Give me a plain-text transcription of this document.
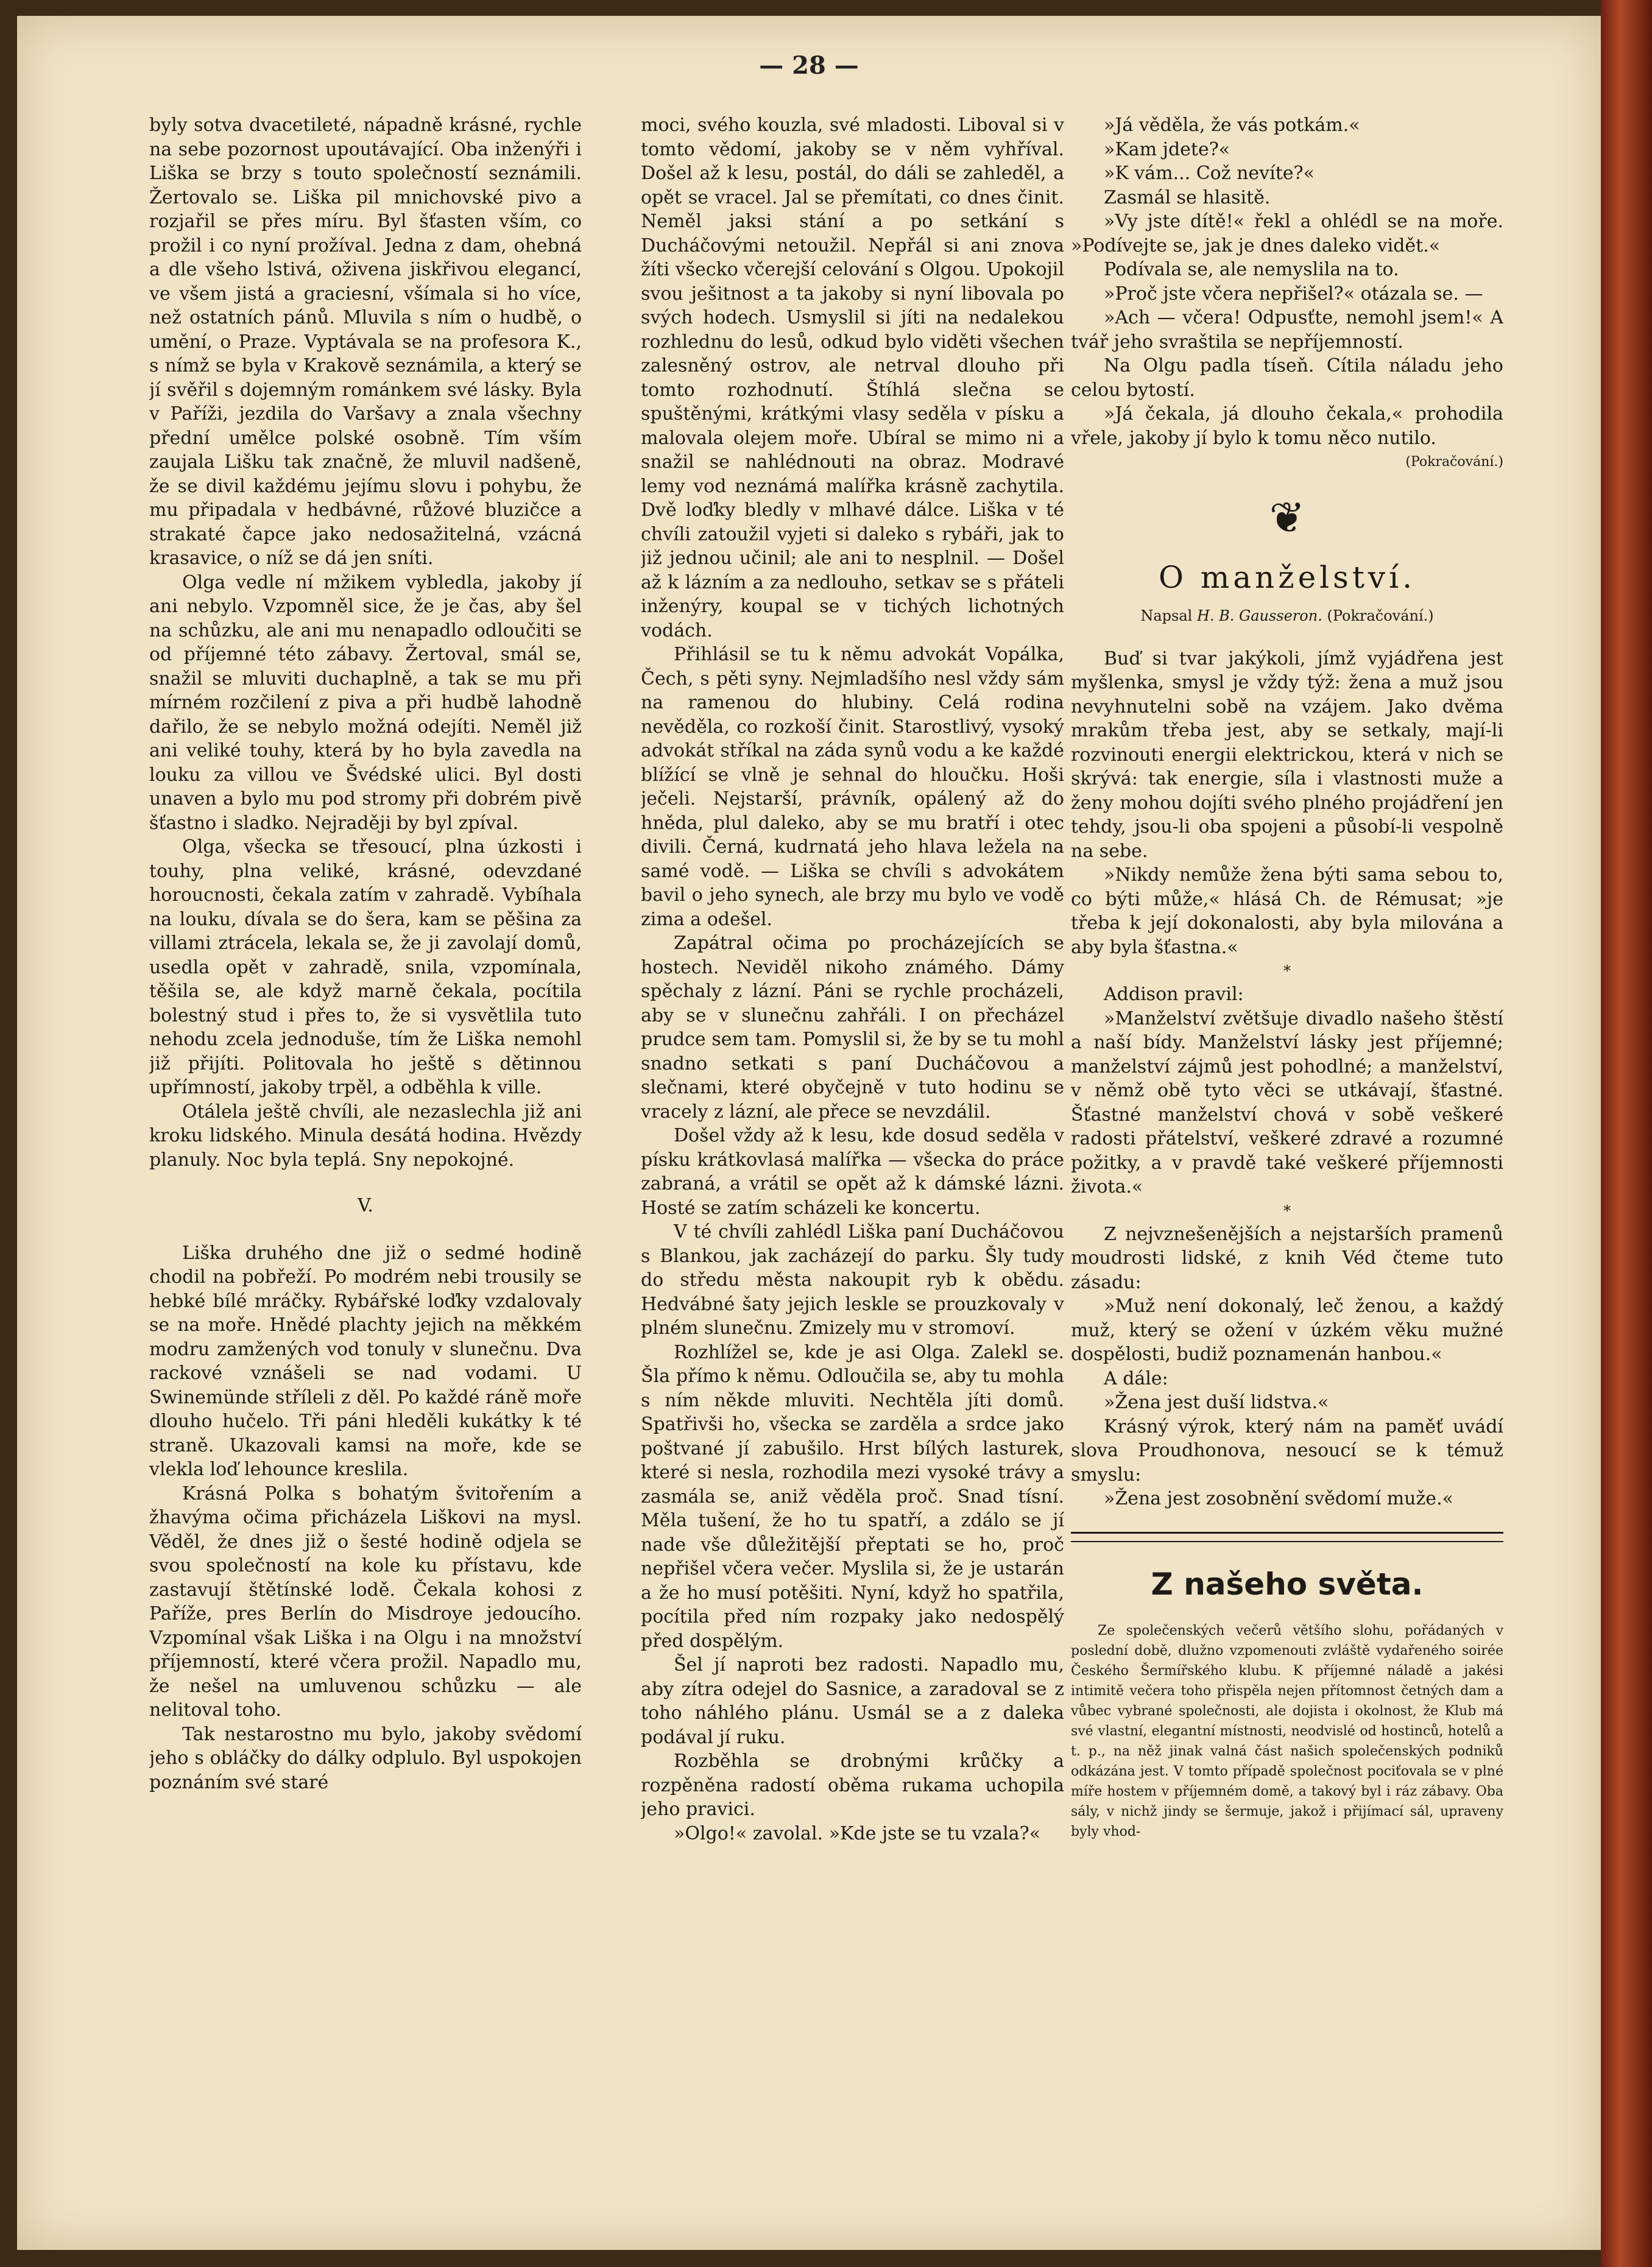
— 28 —

byly sotva dvacetileté, nápadně krásné, rychle na sebe pozornost upoutávající. Oba inženýři i Liška se brzy s touto společností seznámili. Žertovalo se. Liška pil mnichovské pivo a rozjařil se přes míru. Byl šťasten vším, co prožil i co nyní prožíval. Jedna z dam, ohebná a dle všeho lstivá, oživena jiskřivou elegancí, ve všem jistá a graciesní, všímala si ho více, než ostatních pánů. Mluvila s ním o hudbě, o umění, o Praze. Vyptávala se na profesora K., s nímž se byla v Krakově seznámila, a který se jí svěřil s dojemným románkem své lásky. Byla v Paříži, jezdila do Varšavy a znala všechny přední umělce polské osobně. Tím vším zaujala Lišku tak značně, že mluvil nadšeně, že se divil každému jejímu slovu i pohybu, že mu připadala v hedbávné, růžové bluzičce a strakaté čapce jako nedosažitelná, vzácná krasavice, o níž se dá jen sníti.

Olga vedle ní mžikem vybledla, jakoby jí ani nebylo. Vzpomněl sice, že je čas, aby šel na schůzku, ale ani mu nenapadlo odloučiti se od příjemné této zábavy. Žertoval, smál se, snažil se mluviti duchaplně, a tak se mu při mírném rozčilení z piva a při hudbě lahodně dařilo, že se nebylo možná odejíti. Neměl již ani veliké touhy, která by ho byla zavedla na louku za villou ve Švédské ulici. Byl dosti unaven a bylo mu pod stromy při dobrém pivě šťastno i sladko. Nejraději by byl zpíval.

Olga, všecka se třesoucí, plna úzkosti i touhy, plna veliké, krásné, odevzdané horoucnosti, čekala zatím v zahradě. Vybíhala na louku, dívala se do šera, kam se pěšina za villami ztrácela, lekala se, že ji zavolají domů, usedla opět v zahradě, snila, vzpomínala, těšila se, ale když marně čekala, pocítila bolestný stud i přes to, že si vysvětlila tuto nehodu zcela jednoduše, tím že Liška nemohl již přijíti. Politovala ho ještě s dětinnou upřímností, jakoby trpěl, a odběhla k ville.

Otálela ještě chvíli, ale nezaslechla již ani kroku lidského. Minula desátá hodina. Hvězdy planuly. Noc byla teplá. Sny nepokojné.

V.

Liška druhého dne již o sedmé hodině chodil na pobřeží. Po modrém nebi trousily se hebké bílé mráčky. Rybářské loďky vzdalovaly se na moře. Hnědé plachty jejich na měkkém modru zamžených vod tonuly v slunečnu. Dva rackové vznášeli se nad vodami. U Swinemünde stříleli z děl. Po každé ráně moře dlouho hučelo. Tři páni hleděli kukátky k té straně. Ukazovali kamsi na moře, kde se vlekla loď lehounce kreslila.

Krásná Polka s bohatým švitořením a žhavýma očima přicházela Liškovi na mysl. Věděl, že dnes již o šesté hodině odjela se svou společností na kole ku přístavu, kde zastavují štětínské lodě. Čekala kohosi z Paříže, pres Berlín do Misdroye jedoucího. Vzpomínal však Liška i na Olgu i na množství příjemností, které včera prožil. Napadlo mu, že nešel na umluvenou schůzku — ale nelitoval toho.

Tak nestarostno mu bylo, jakoby svědomí jeho s obláčky do dálky odplulo. Byl uspokojen poznáním své staré

moci, svého kouzla, své mladosti. Liboval si v tomto vědomí, jakoby se v něm vyhříval. Došel až k lesu, postál, do dáli se zahleděl, a opět se vracel. Jal se přemítati, co dnes činit. Neměl jaksi stání a po setkání s Ducháčovými netoužil. Nepřál si ani znova žíti všecko včerejší celování s Olgou. Upokojil svou ješitnost a ta jakoby si nyní libovala po svých hodech. Usmyslil si jíti na nedalekou rozhlednu do lesů, odkud bylo viděti všechen zalesněný ostrov, ale netrval dlouho při tomto rozhodnutí. Štíhlá slečna se spuštěnými, krátkými vlasy seděla v písku a malovala olejem moře. Ubíral se mimo ni a snažil se nahlédnouti na obraz. Modravé lemy vod neznámá malířka krásně zachytila. Dvě loďky bledly v mlhavé dálce. Liška v té chvíli zatoužil vyjeti si daleko s rybáři, jak to již jednou učinil; ale ani to nesplnil. — Došel až k lázním a za nedlouho, setkav se s přáteli inženýry, koupal se v tichých lichotných vodách.

Přihlásil se tu k němu advokát Vopálka, Čech, s pěti syny. Nejmladšího nesl vždy sám na ramenou do hlubiny. Celá rodina nevěděla, co rozkoší činit. Starostlivý, vysoký advokát stříkal na záda synů vodu a ke každé blížící se vlně je sehnal do hloučku. Hoši ječeli. Nejstarší, právník, opálený až do hněda, plul daleko, aby se mu bratří i otec divili. Černá, kudrnatá jeho hlava ležela na samé vodě. — Liška se chvíli s advokátem bavil o jeho synech, ale brzy mu bylo ve vodě zima a odešel.

Zapátral očima po procházejících se hostech. Neviděl nikoho známého. Dámy spěchaly z lázní. Páni se rychle procházeli, aby se v slunečnu zahřáli. I on přecházel prudce sem tam. Pomyslil si, že by se tu mohl snadno setkati s paní Ducháčovou a slečnami, které obyčejně v tuto hodinu se vracely z lázní, ale přece se nevzdálil.

Došel vždy až k lesu, kde dosud seděla v písku krátkovlasá malířka — všecka do práce zabraná, a vrátil se opět až k dámské lázni. Hosté se zatím scházeli ke koncertu.

V té chvíli zahlédl Liška paní Ducháčovou s Blankou, jak zacházejí do parku. Šly tudy do středu města nakoupit ryb k obědu. Hedvábné šaty jejich leskle se prouzkovaly v plném slunečnu. Zmizely mu v stromoví.

Rozhlížel se, kde je asi Olga. Zalekl se. Šla přímo k němu. Odloučila se, aby tu mohla s ním někde mluviti. Nechtěla jíti domů. Spatřivši ho, všecka se zarděla a srdce jako poštvané jí zabušilo. Hrst bílých lasturek, které si nesla, rozhodila mezi vysoké trávy a zasmála se, aniž věděla proč. Snad tísní. Měla tušení, že ho tu spatří, a zdálo se jí nade vše důležitější přeptati se ho, proč nepřišel včera večer. Myslila si, že je ustarán a že ho musí potěšiti. Nyní, když ho spatřila, pocítila před ním rozpaky jako nedospělý před dospělým.

Šel jí naproti bez radosti. Napadlo mu, aby zítra odejel do Sasnice, a zaradoval se z toho náhlého plánu. Usmál se a z daleka podával jí ruku.

Rozběhla se drobnými krůčky a rozpěněna radostí oběma rukama uchopila jeho pravici.

»Olgo!« zavolal. »Kde jste se tu vzala?«

»Já věděla, že vás potkám.«

»Kam jdete?«

»K vám... Což nevíte?«

Zasmál se hlasitě.

»Vy jste dítě!« řekl a ohlédl se na moře. »Podívejte se, jak je dnes daleko vidět.«

Podívala se, ale nemyslila na to.

»Proč jste včera nepřišel?« otázala se. —

»Ach — včera! Odpusťte, nemohl jsem!« A tvář jeho svraštila se nepříjemností.

Na Olgu padla tíseň. Cítila náladu jeho celou bytostí.

»Já čekala, já dlouho čekala,« prohodila vřele, jakoby jí bylo k tomu něco nutilo.

(Pokračování.)

❦
O manželství.
Napsal H. B. Gausseron. (Pokračování.)

Buď si tvar jakýkoli, jímž vyjádřena jest myšlenka, smysl je vždy týž: žena a muž jsou nevyhnutelni sobě na vzájem. Jako dvěma mrakům třeba jest, aby se setkaly, mají-li rozvinouti energii elektrickou, která v nich se skrývá: tak energie, síla i vlastnosti muže a ženy mohou dojíti svého plného projádření jen tehdy, jsou-li oba spojeni a působí-li vespolně na sebe.

»Nikdy nemůže žena býti sama sebou to, co býti může,« hlásá Ch. de Rémusat; »je třeba k její dokonalosti, aby byla milována a aby byla šťastna.«

*

Addison pravil:

»Manželství zvětšuje divadlo našeho štěstí a naší bídy. Manželství lásky jest příjemné; manželství zájmů jest pohodlné; a manželství, v němž obě tyto věci se utkávají, šťastné. Šťastné manželství chová v sobě veškeré radosti přátelství, veškeré zdravé a rozumné požitky, a v pravdě také veškeré příjemnosti života.«

*

Z nejvznešenějších a nejstarších pramenů moudrosti lidské, z knih Véd čteme tuto zásadu:

»Muž není dokonalý, leč ženou, a každý muž, který se ožení v úzkém věku mužné dospělosti, budiž poznamenán hanbou.«

A dále:

»Žena jest duší lidstva.«

Krásný výrok, který nám na paměť uvádí slova Proudhonova, nesoucí se k témuž smyslu:

»Žena jest zosobnění svědomí muže.«

Z našeho světa.

Ze společenských večerů většího slohu, pořádaných v poslední době, dlužno vzpomenouti zvláště vydařeného soirée Českého Šermířského klubu. K příjemné náladě a jakési intimitě večera toho přispěla nejen přítomnost četných dam a vůbec vybrané společnosti, ale dojista i okolnost, že Klub má své vlastní, elegantní místnosti, neodvislé od hostinců, hotelů a t. p., na něž jinak valná část našich společenských podniků odkázána jest. V tomto případě společnost pociťovala se v plné míře hostem v příjemném domě, a takový byl i ráz zábavy. Oba sály, v nichž jindy se šermuje, jakož i přijímací sál, upraveny byly vhod-
